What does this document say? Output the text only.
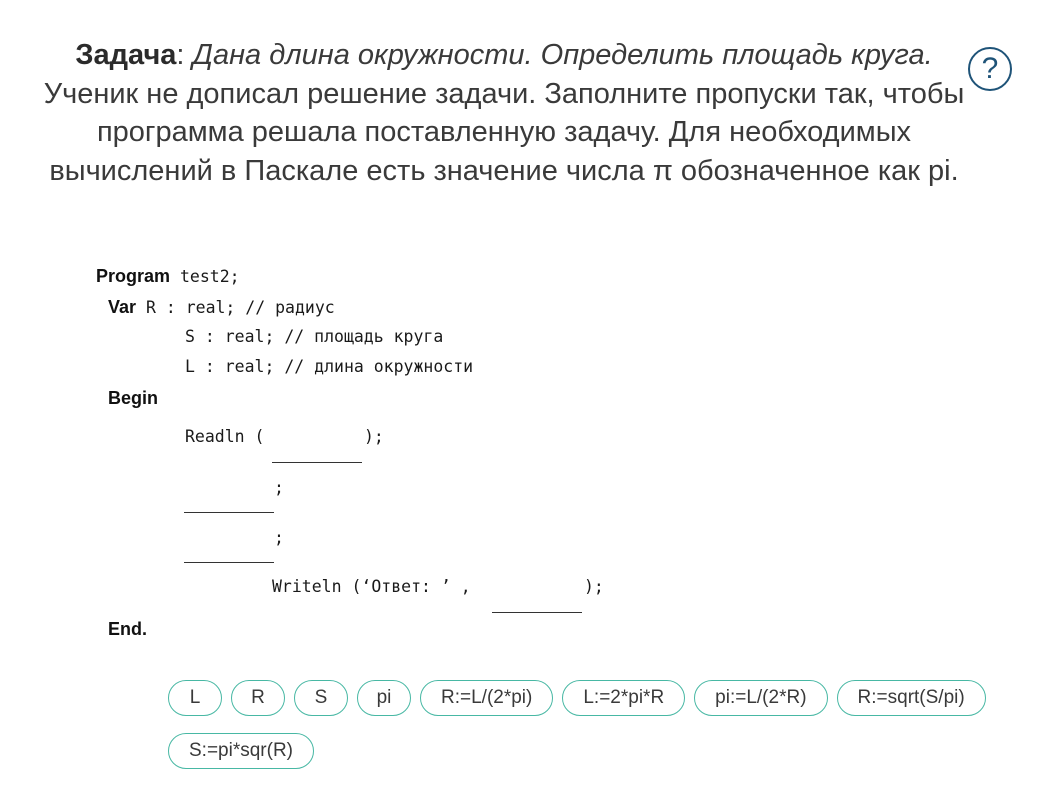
Задача: Дана длина окружности. Определить площадь круга. Ученик не дописал решение задачи. Заполните пропуски так, чтобы программа решала поставленную задачу. Для необходимых вычислений в Паскале есть значение числа π обозначенное как pi.
?
Program test2;
Var R : real; // радиус
S : real; // площадь круга
L : real; // длина окружности
Begin
Readln (	);
;
;
Writeln (‘Ответ: ’ ,	);
End.
L	R	S	pi	R:=L/(2*pi)	L:=2*pi*R	pi:=L/(2*R)	R:=sqrt(S/pi)
S:=pi*sqr(R)
